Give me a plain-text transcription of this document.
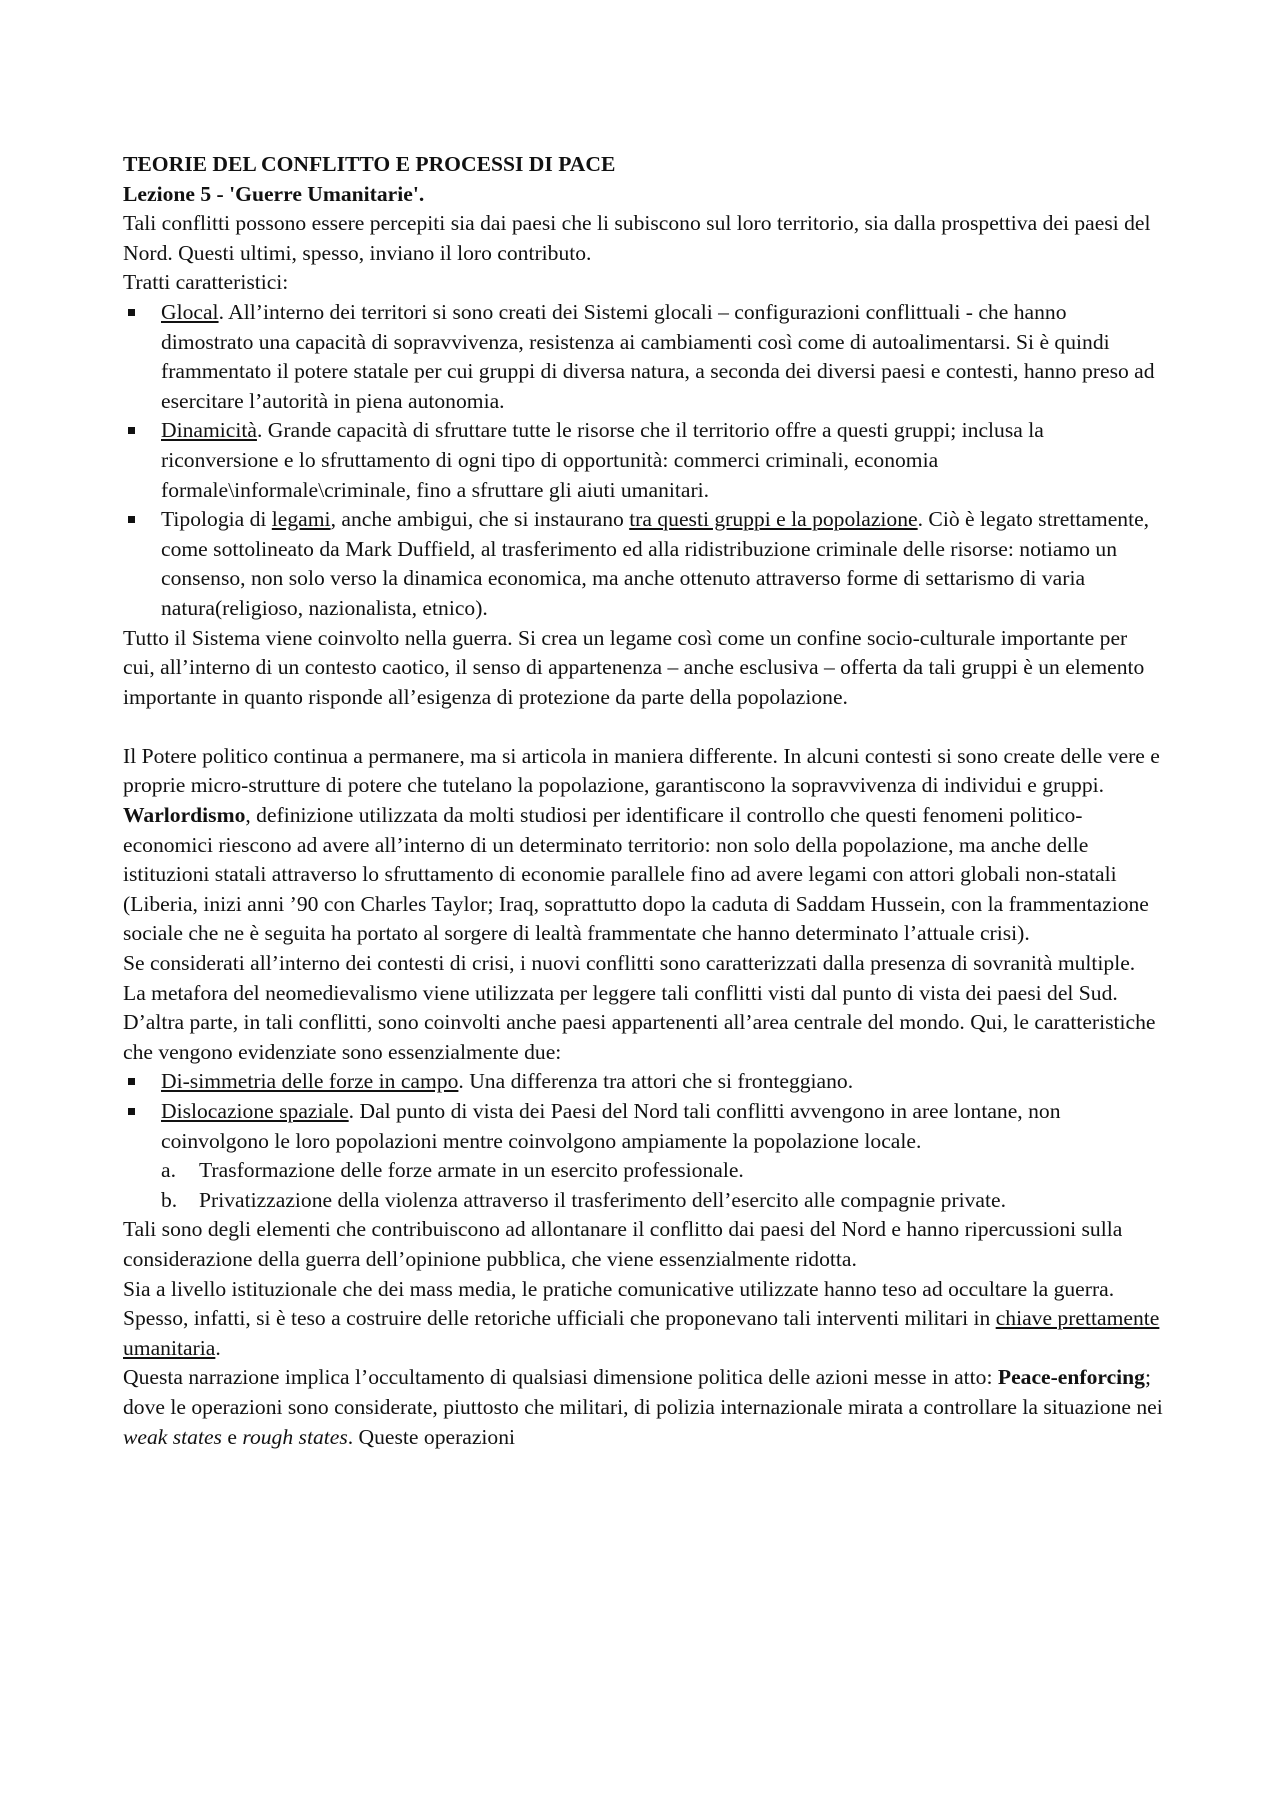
TEORIE DEL CONFLITTO E PROCESSI DI PACE

Lezione 5 - 'Guerre Umanitarie'.

Tali conflitti possono essere percepiti sia dai paesi che li subiscono sul loro territorio, sia dalla prospettiva dei paesi del Nord. Questi ultimi, spesso, inviano il loro contributo.

Tratti caratteristici:

Glocal. All’interno dei territori si sono creati dei Sistemi glocali – configurazioni conflittuali - che hanno dimostrato una capacità di sopravvivenza, resistenza ai cambiamenti così come di autoalimentarsi. Si è quindi frammentato il potere statale per cui gruppi di diversa natura, a seconda dei diversi paesi e contesti, hanno preso ad esercitare l’autorità in piena autonomia.
Dinamicità. Grande capacità di sfruttare tutte le risorse che il territorio offre a questi gruppi; inclusa la riconversione e lo sfruttamento di ogni tipo di opportunità: commerci criminali, economia formale\informale\criminale, fino a sfruttare gli aiuti umanitari.
Tipologia di legami, anche ambigui, che si instaurano tra questi gruppi e la popolazione. Ciò è legato strettamente, come sottolineato da Mark Duffield, al trasferimento ed alla ridistribuzione criminale delle risorse: notiamo un consenso, non solo verso la dinamica economica, ma anche ottenuto attraverso forme di settarismo di varia natura(religioso, nazionalista, etnico).

Tutto il Sistema viene coinvolto nella guerra. Si crea un legame così come un confine socio-culturale importante per cui, all’interno di un contesto caotico, il senso di appartenenza – anche esclusiva – offerta da tali gruppi è un elemento importante in quanto risponde all’esigenza di protezione da parte della popolazione.

Il Potere politico continua a permanere, ma si articola in maniera differente. In alcuni contesti si sono create delle vere e proprie micro-strutture di potere che tutelano la popolazione, garantiscono la sopravvivenza di individui e gruppi.

Warlordismo, definizione utilizzata da molti studiosi per identificare il controllo che questi fenomeni politico-economici riescono ad avere all’interno di un determinato territorio: non solo della popolazione, ma anche delle istituzioni statali attraverso lo sfruttamento di economie parallele fino ad avere legami con attori globali non-statali (Liberia, inizi anni ’90 con Charles Taylor; Iraq, soprattutto dopo la caduta di Saddam Hussein, con la frammentazione sociale che ne è seguita ha portato al sorgere di lealtà frammentate che hanno determinato l’attuale crisi).

Se considerati all’interno dei contesti di crisi, i nuovi conflitti sono caratterizzati dalla presenza di sovranità multiple.

La metafora del neomedievalismo viene utilizzata per leggere tali conflitti visti dal punto di vista dei paesi del Sud. D’altra parte, in tali conflitti, sono coinvolti anche paesi appartenenti all’area centrale del mondo. Qui, le caratteristiche che vengono evidenziate sono essenzialmente due:

Di-simmetria delle forze in campo. Una differenza tra attori che si fronteggiano.
Dislocazione spaziale. Dal punto di vista dei Paesi del Nord tali conflitti avvengono in aree lontane, non coinvolgono le loro popolazioni mentre coinvolgono ampiamente la popolazione locale.
a. Trasformazione delle forze armate in un esercito professionale.
b. Privatizzazione della violenza attraverso il trasferimento dell’esercito alle compagnie private.

Tali sono degli elementi che contribuiscono ad allontanare il conflitto dai paesi del Nord e hanno ripercussioni sulla considerazione della guerra dell’opinione pubblica, che viene essenzialmente ridotta.

Sia a livello istituzionale che dei mass media, le pratiche comunicative utilizzate hanno teso ad occultare la guerra. Spesso, infatti, si è teso a costruire delle retoriche ufficiali che proponevano tali interventi militari in chiave prettamente umanitaria.

Questa narrazione implica l’occultamento di qualsiasi dimensione politica delle azioni messe in atto: Peace-enforcing; dove le operazioni sono considerate, piuttosto che militari, di polizia internazionale mirata a controllare la situazione nei weak states e rough states. Queste operazioni
